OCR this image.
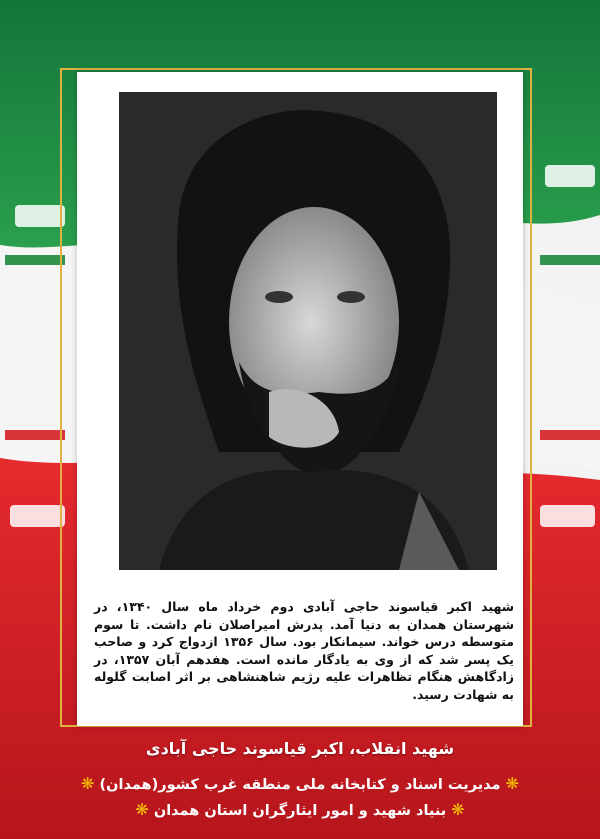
شهید اکبر قیاسوند حاجی آبادی دوم خرداد ماه سال ۱۳۴۰، در شهرستان همدان به دنیا آمد. پدرش امیراصلان نام داشت. تا سوم متوسطه درس خواند. سیمانکار بود. سال ۱۳۵۶ ازدواج کرد و صاحب یک پسر شد که از وی به یادگار مانده است. هفدهم آبان ۱۳۵۷، در زادگاهش هنگام تظاهرات علیه رژیم شاهنشاهی بر اثر اصابت گلوله به شهادت رسید.
شهید انقلاب، اکبر قیاسوند حاجی آبادی
❋ مدیریت اسناد و کتابخانه ملی منطقه غرب کشور(همدان) ❋
❋ بنیاد شهید و امور ایثارگران استان همدان ❋
